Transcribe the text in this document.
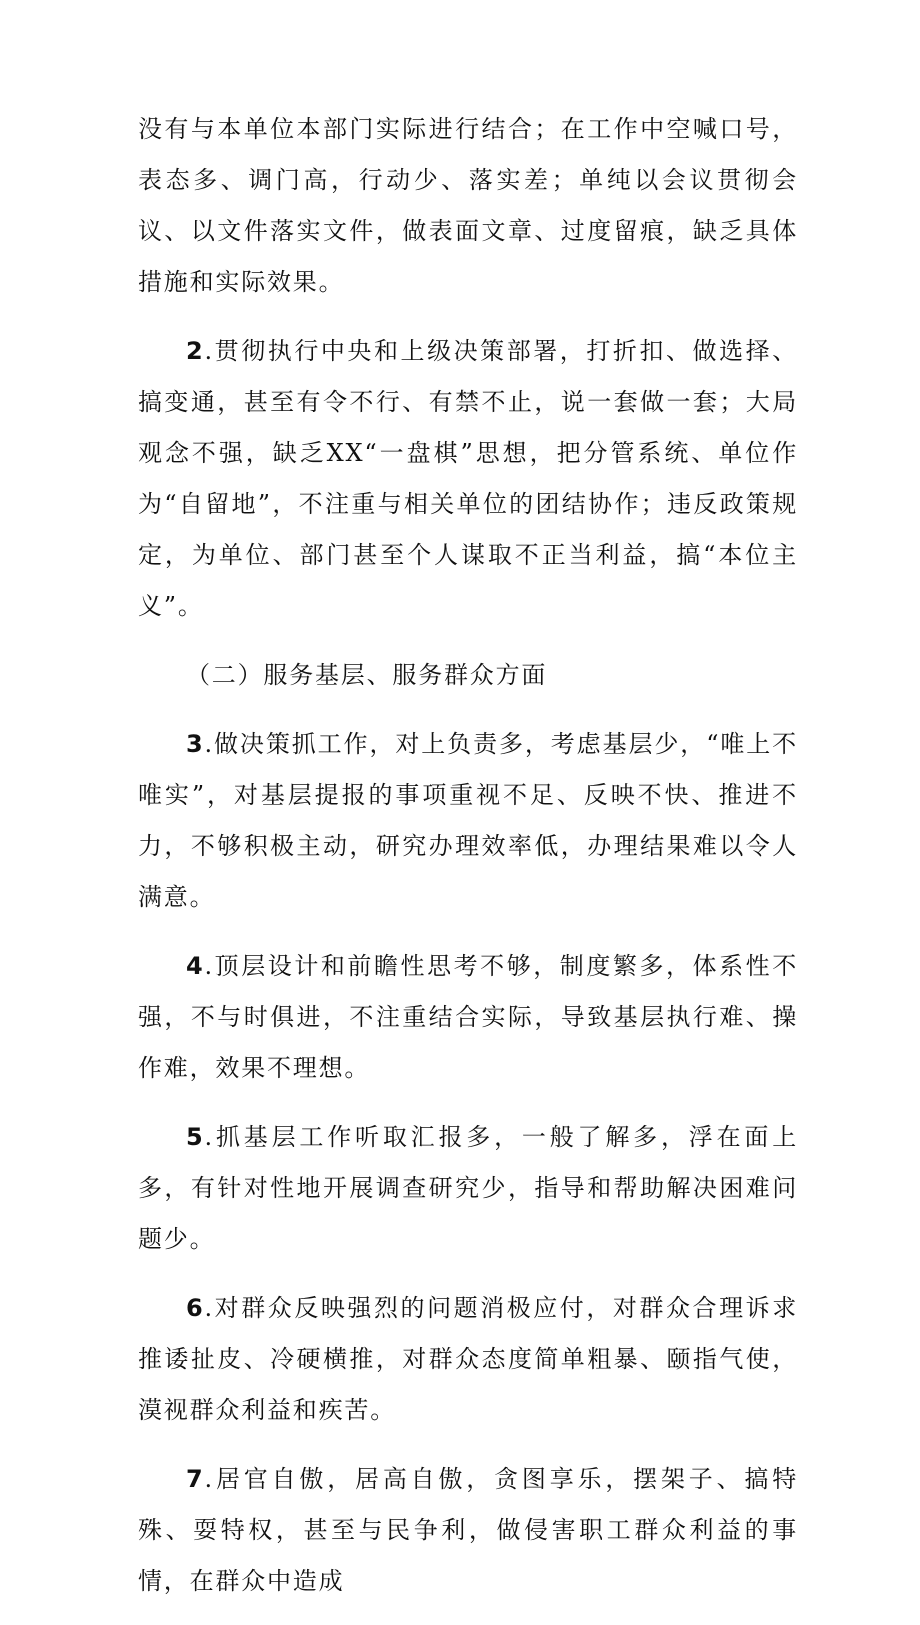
没有与本单位本部门实际进行结合；在工作中空喊口号，表态多、调门高，行动少、落实差；单纯以会议贯彻会议、以文件落实文件，做表面文章、过度留痕，缺乏具体措施和实际效果。

2.贯彻执行中央和上级决策部署，打折扣、做选择、搞变通，甚至有令不行、有禁不止，说一套做一套；大局观念不强，缺乏XX“一盘棋”思想，把分管系统、单位作为“自留地”，不注重与相关单位的团结协作；违反政策规定，为单位、部门甚至个人谋取不正当利益，搞“本位主义”。

（二）服务基层、服务群众方面

3.做决策抓工作，对上负责多，考虑基层少，“唯上不唯实”，对基层提报的事项重视不足、反映不快、推进不力，不够积极主动，研究办理效率低，办理结果难以令人满意。

4.顶层设计和前瞻性思考不够，制度繁多，体系性不强，不与时俱进，不注重结合实际，导致基层执行难、操作难，效果不理想。

5.抓基层工作听取汇报多，一般了解多，浮在面上多，有针对性地开展调查研究少，指导和帮助解决困难问题少。

6.对群众反映强烈的问题消极应付，对群众合理诉求推诿扯皮、冷硬横推，对群众态度简单粗暴、颐指气使，漠视群众利益和疾苦。

7.居官自傲，居高自傲，贪图享乐，摆架子、搞特殊、耍特权，甚至与民争利，做侵害职工群众利益的事情，在群众中造成
